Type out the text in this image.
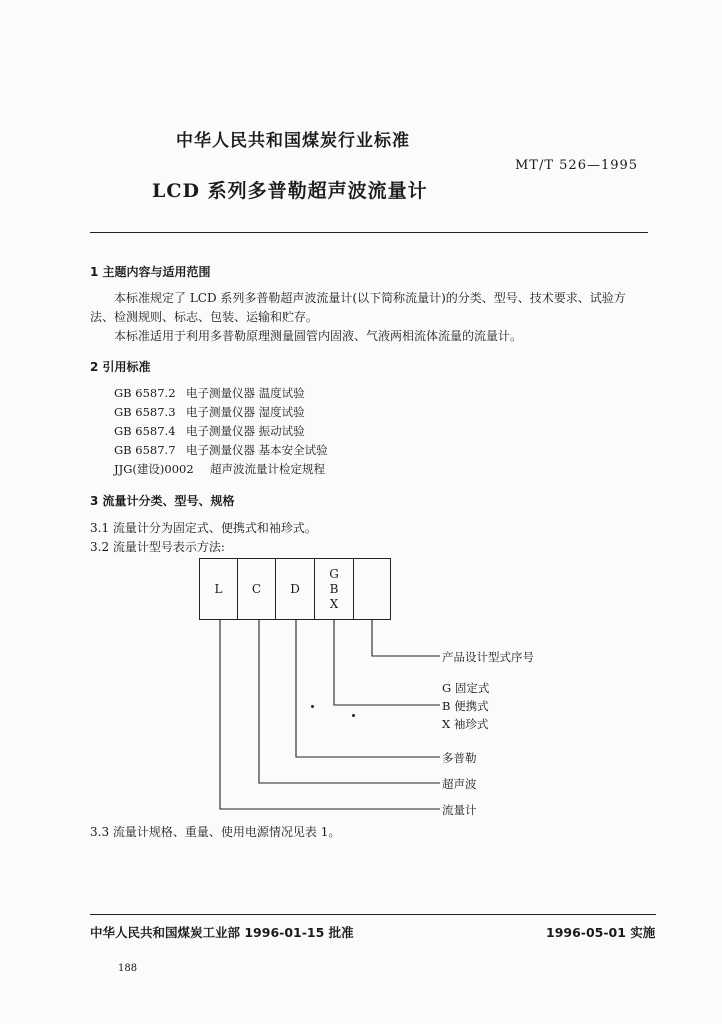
中华人民共和国煤炭行业标准
MT/T 526—1995
LCD 系列多普勒超声波流量计
1 主题内容与适用范围
本标准规定了 LCD 系列多普勒超声波流量计(以下简称流量计)的分类、型号、技术要求、试验方
法、检测规则、标志、包装、运输和贮存。
本标准适用于利用多普勒原理测量圆管内固液、气液两相流体流量的流量计。
2 引用标准
GB 6587.2 电子测量仪器 温度试验
GB 6587.3 电子测量仪器 湿度试验
GB 6587.4 电子测量仪器 振动试验
GB 6587.7 电子测量仪器 基本安全试验
JJG(建设)0002 超声波流量计检定规程
3 流量计分类、型号、规格
3.1 流量计分为固定式、便携式和袖珍式。
3.2 流量计型号表示方法:
L	C	D
G
B
X
产品设计型式序号
G 固定式
B 便携式
X 袖珍式
多普勒
超声波
流量计
3.3 流量计规格、重量、使用电源情况见表 1。
中华人民共和国煤炭工业部 1996-01-15 批准	1996-05-01 实施
188
